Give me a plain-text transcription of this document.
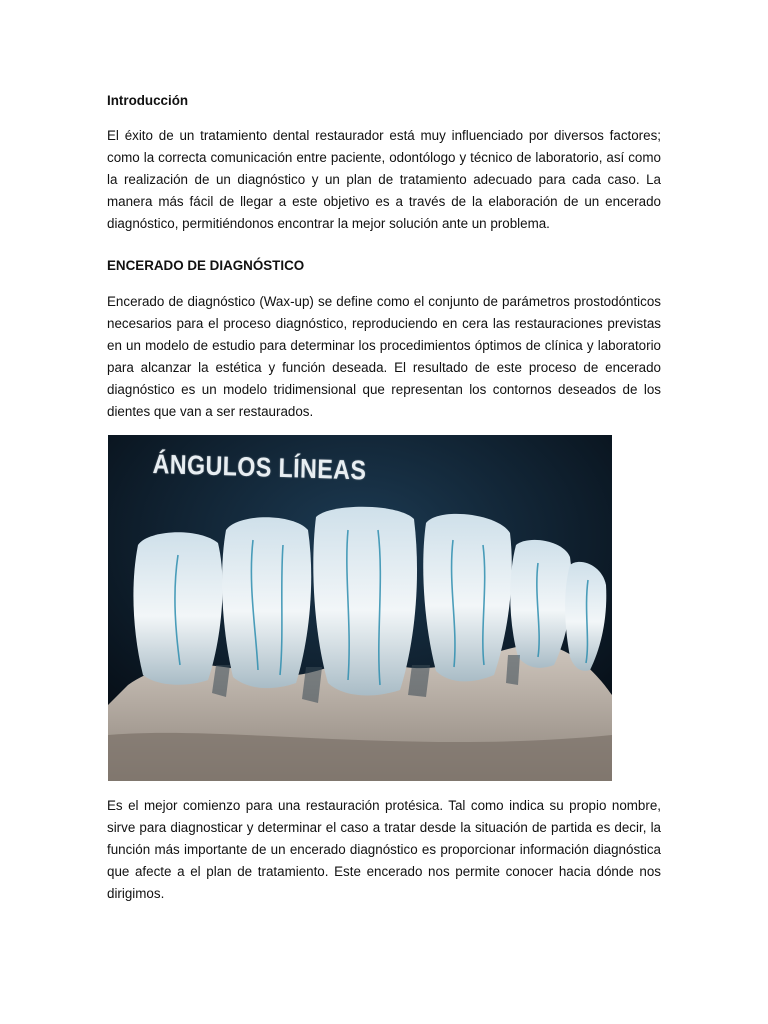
Introducción

El éxito de un tratamiento dental restaurador está muy influenciado por diversos factores; como la correcta comunicación entre paciente, odontólogo y técnico de laboratorio, así como la realización de un diagnóstico y un plan de tratamiento adecuado para cada caso. La manera más fácil de llegar a este objetivo es a través de la elaboración de un encerado diagnóstico, permitiéndonos encontrar la mejor solución ante un problema.

ENCERADO DE DIAGNÓSTICO

Encerado de diagnóstico (Wax-up) se define como el conjunto de parámetros prostodónticos necesarios para el proceso diagnóstico, reproduciendo en cera las restauraciones previstas en un modelo de estudio para determinar los procedimientos óptimos de clínica y laboratorio para alcanzar la estética y función deseada. El resultado de este proceso de encerado diagnóstico es un modelo tridimensional que representan los contornos deseados de los dientes que van a ser restaurados.

ÁNGULOS LÍNEAS

Es el mejor comienzo para una restauración protésica. Tal como indica su propio nombre, sirve para diagnosticar y determinar el caso a tratar desde la situación de partida es decir, la función más importante de un encerado diagnóstico es proporcionar información diagnóstica que afecte a el plan de tratamiento. Este encerado nos permite conocer hacia dónde nos dirigimos.
